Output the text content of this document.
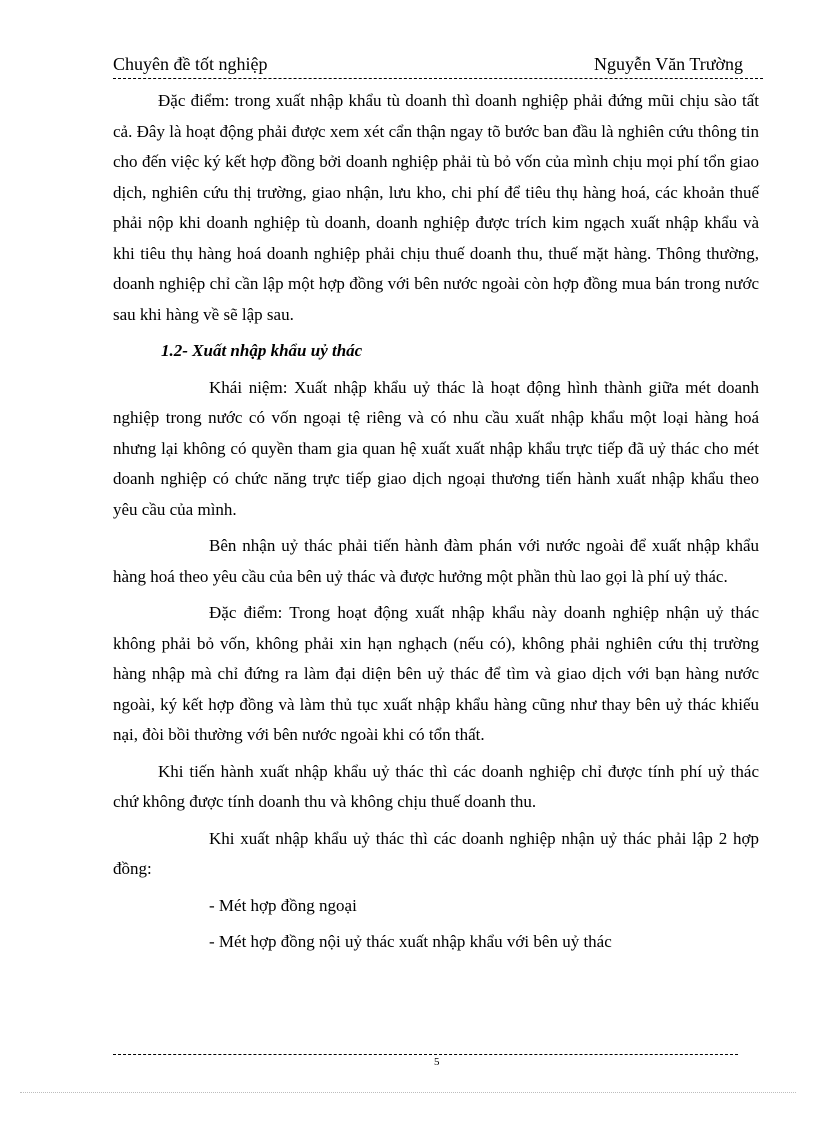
Chuyên đề tốt nghiệp	Nguyễn Văn Trường

Đặc điểm: trong xuất nhập khẩu tù doanh thì doanh nghiệp phải đứng mũi chịu sào tất cả. Đây là hoạt động phải được xem xét cẩn thận ngay tõ bước ban đầu là nghiên cứu thông tin cho đến việc ký kết hợp đồng bởi doanh nghiệp phải tù bỏ vốn của mình chịu mọi phí tổn giao dịch, nghiên cứu thị trường, giao nhận, lưu kho, chi phí để tiêu thụ hàng hoá, các khoản thuế phải nộp khi doanh nghiệp tù doanh, doanh nghiệp được trích kim ngạch xuất nhập khẩu và khi tiêu thụ hàng hoá doanh nghiệp phải chịu thuế doanh thu, thuế mặt hàng. Thông thường, doanh nghiệp chỉ cần lập một hợp đồng với bên nước ngoài còn hợp đồng mua bán trong nước sau khi hàng về sẽ lập sau.

1.2- Xuất nhập khẩu uỷ thác

Khái niệm: Xuất nhập khẩu uỷ thác là hoạt động hình thành giữa mét doanh nghiệp trong nước có vốn ngoại tệ riêng và có nhu cầu xuất nhập khẩu một loại hàng hoá nhưng lại không có quyền tham gia quan hệ xuất xuất nhập khẩu trực tiếp đã uỷ thác cho mét doanh nghiệp có chức năng trực tiếp giao dịch ngoại thương tiến hành xuất nhập khẩu theo yêu cầu của mình.

Bên nhận uỷ thác phải tiến hành đàm phán với nước ngoài để xuất nhập khẩu hàng hoá theo yêu cầu của bên uỷ thác và được hưởng một phần thù lao gọi là phí uỷ thác.

Đặc điểm: Trong hoạt động xuất nhập khẩu này doanh nghiệp nhận uỷ thác không phải bỏ vốn, không phải xin hạn nghạch (nếu có), không phải nghiên cứu thị trường hàng nhập mà chỉ đứng ra làm đại diện bên uỷ thác để tìm và giao dịch với bạn hàng nước ngoài, ký kết hợp đồng và làm thủ tục xuất nhập khẩu hàng cũng như thay bên uỷ thác khiếu nại, đòi bồi thường với bên nước ngoài khi có tổn thất.

Khi tiến hành xuất nhập khẩu uỷ thác thì các doanh nghiệp chỉ được tính phí uỷ thác chứ không được tính doanh thu và không chịu thuế doanh thu.

Khi xuất nhập khẩu uỷ thác thì các doanh nghiệp nhận uỷ thác phải lập 2 hợp đồng:

- Mét hợp đồng ngoại

- Mét hợp đồng nội uỷ thác xuất nhập khẩu với bên uỷ thác

5
